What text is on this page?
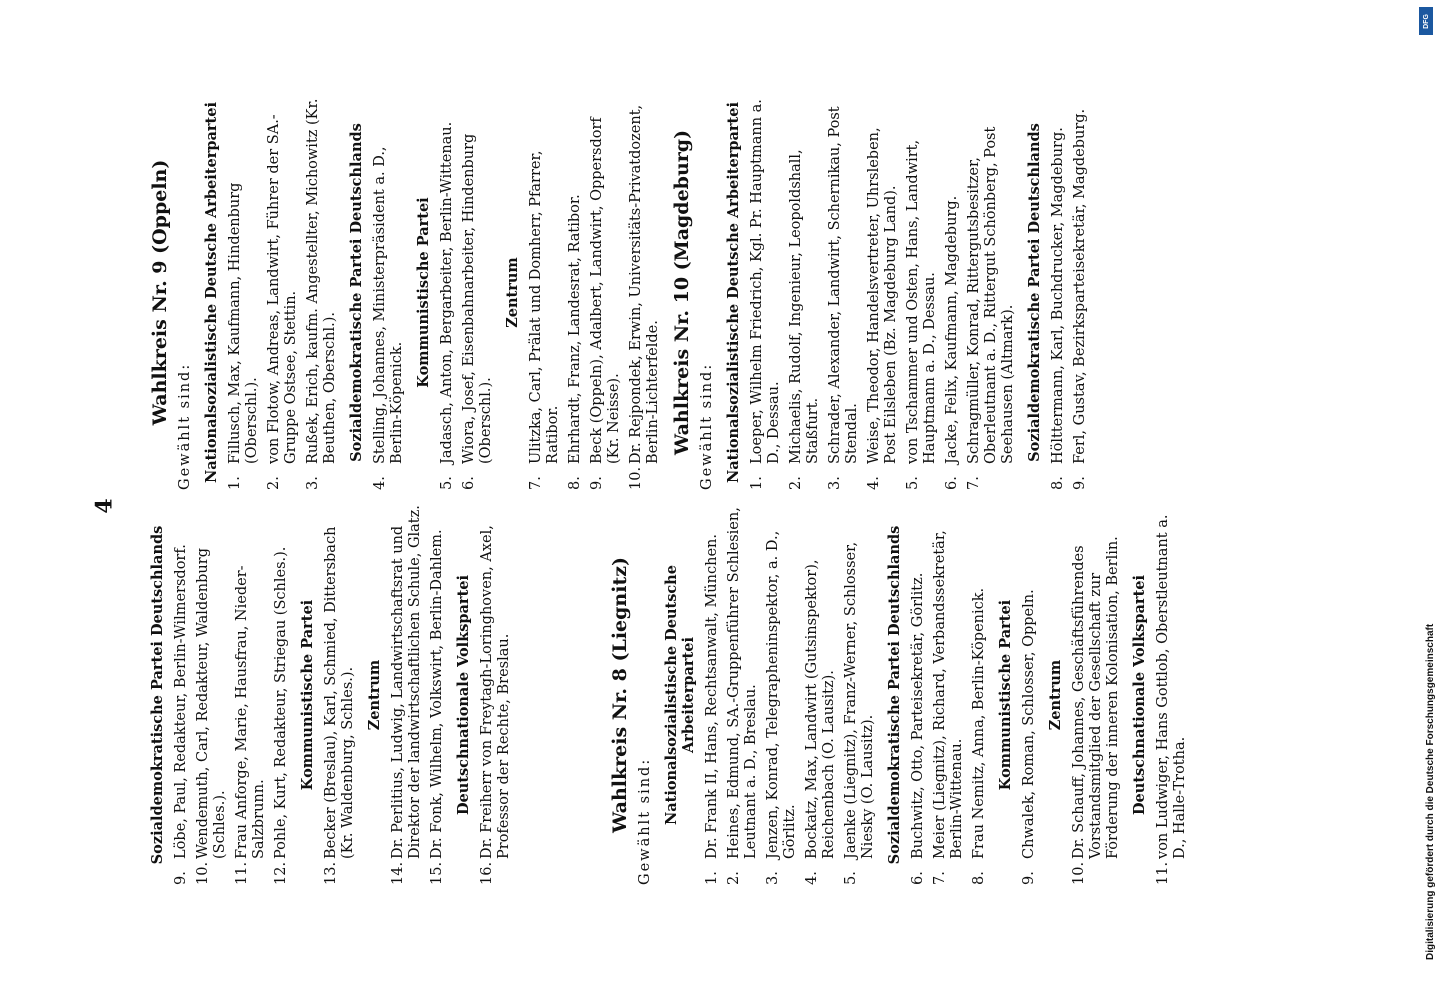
4
Sozialdemokratische Partei Deutschlands
9.Löbe, Paul, Redakteur, Berlin-Wilmersdorf.
10.Wendemuth, Carl, Redakteur, Waldenburg (Schles.).
11.Frau Anforge, Marie, Hausfrau, Nieder-Salzbrunn.
12.Pohle, Kurt, Redakteur, Striegau (Schles.). Kommunistische Partei
13.Becker (Breslau), Karl, Schmied, Dittersbach (Kr. Waldenburg, Schles.). Zentrum
14.Dr. Perlitius, Ludwig, Landwirtschaftsrat und Direktor der landwirtschaftlichen Schule, Glatz.
15.Dr. Fonk, Wilhelm, Volkswirt, Berlin-Dahlem. Deutschnationale Volkspartei
16.Dr. Freiherr von Freytagh-Loringhoven, Axel, Professor der Rechte, Breslau.	Wahlkreis Nr. 8 (Liegnitz) Gewählt sind: Nationalsozialistische Deutsche Arbeiterpartei
1.Dr. Frank II, Hans, Rechtsanwalt, München.
2.Heines, Edmund, SA.-Gruppenführer Schlesien, Leutnant a. D., Breslau.
3.Jenzen, Konrad, Telegrapheninspektor, a. D., Görlitz.
4.Bockatz, Max, Landwirt (Gutsinspektor), Reichenbach (O. Lausitz).
5.Jaenke (Liegnitz), Franz-Werner, Schlosser, Niesky (O. Lausitz). Sozialdemokratische Partei Deutschlands
6.Buchwitz, Otto, Parteisekretär, Görlitz.
7.Meier (Liegnitz), Richard, Verbandssekretär, Berlin-Wittenau.
8.Frau Nemitz, Anna, Berlin-Köpenick. Kommunistische Partei
9.Chwalek, Roman, Schlosser, Oppeln. Zentrum
10.Dr. Schauff, Johannes, Geschäftsführendes Vorstandsmitglied der Gesellschaft zur Förderung der inneren Kolonisation, Berlin. Deutschnationale Volkspartei
11.von Ludwiger, Hans Gottlob, Oberstleutnant a. D., Halle-Trotha.
Wahlkreis Nr. 9 (Oppeln)
Gewählt sind: Nationalsozialistische Deutsche Arbeiterpartei
1.Fillusch, Max, Kaufmann, Hindenburg (Oberschl.).
2.von Flotow, Andreas, Landwirt, Führer der SA.-Gruppe Ostsee, Stettin.
3.Rußek, Erich, kaufm. Angestellter, Michowitz (Kr. Beuthen, Oberschl.). Sozialdemokratische Partei Deutschlands
4.Stelling, Johannes, Ministerpräsident a. D., Berlin-Köpenick.
Kommunistische Partei
5.Jadasch, Anton, Bergarbeiter, Berlin-Wittenau.
6.Wiora, Josef, Eisenbahnarbeiter, Hindenburg (Oberschl.).
Zentrum
7.Ulitzka, Carl, Prälat und Domherr, Pfarrer, Ratibor.
8.Ehrhardt, Franz, Landesrat, Ratibor.
9.Beck (Oppeln), Adalbert, Landwirt, Oppersdorf (Kr. Neisse).
10.Dr. Rejpondek, Erwin, Universitäts-Privatdozent, Berlin-Lichterfelde. Wahlkreis Nr. 10 (Magdeburg) Gewählt sind: Nationalsozialistische Deutsche Arbeiterpartei
1.Loeper, Wilhelm Friedrich, Kgl. Pr. Hauptmann a. D., Dessau.
2.Michaelis, Rudolf, Ingenieur, Leopoldshall, Staßfurt.
3.Schrader, Alexander, Landwirt, Schernikau, Post Stendal.
4.Weise, Theodor, Handelsvertreter, Uhrsleben, Post Eilsleben (Bz. Magdeburg Land).
5.von Tschammer und Osten, Hans, Landwirt, Hauptmann a. D., Dessau.
6.Jacke, Felix, Kaufmann, Magdeburg.
7.Schragmüller, Konrad, Rittergutsbesitzer, Oberleutnant a. D., Rittergut Schönberg, Post Seehausen (Altmark). Sozialdemokratische Partei Deutschlands
8.Hölttermann, Karl, Buchdrucker, Magdeburg.
9.Ferl, Gustav, Bezirksparteisekretär, Magdeburg.
Digitalisierung gefördert durch die Deutsche Forschungsgemeinschaft
DFG
